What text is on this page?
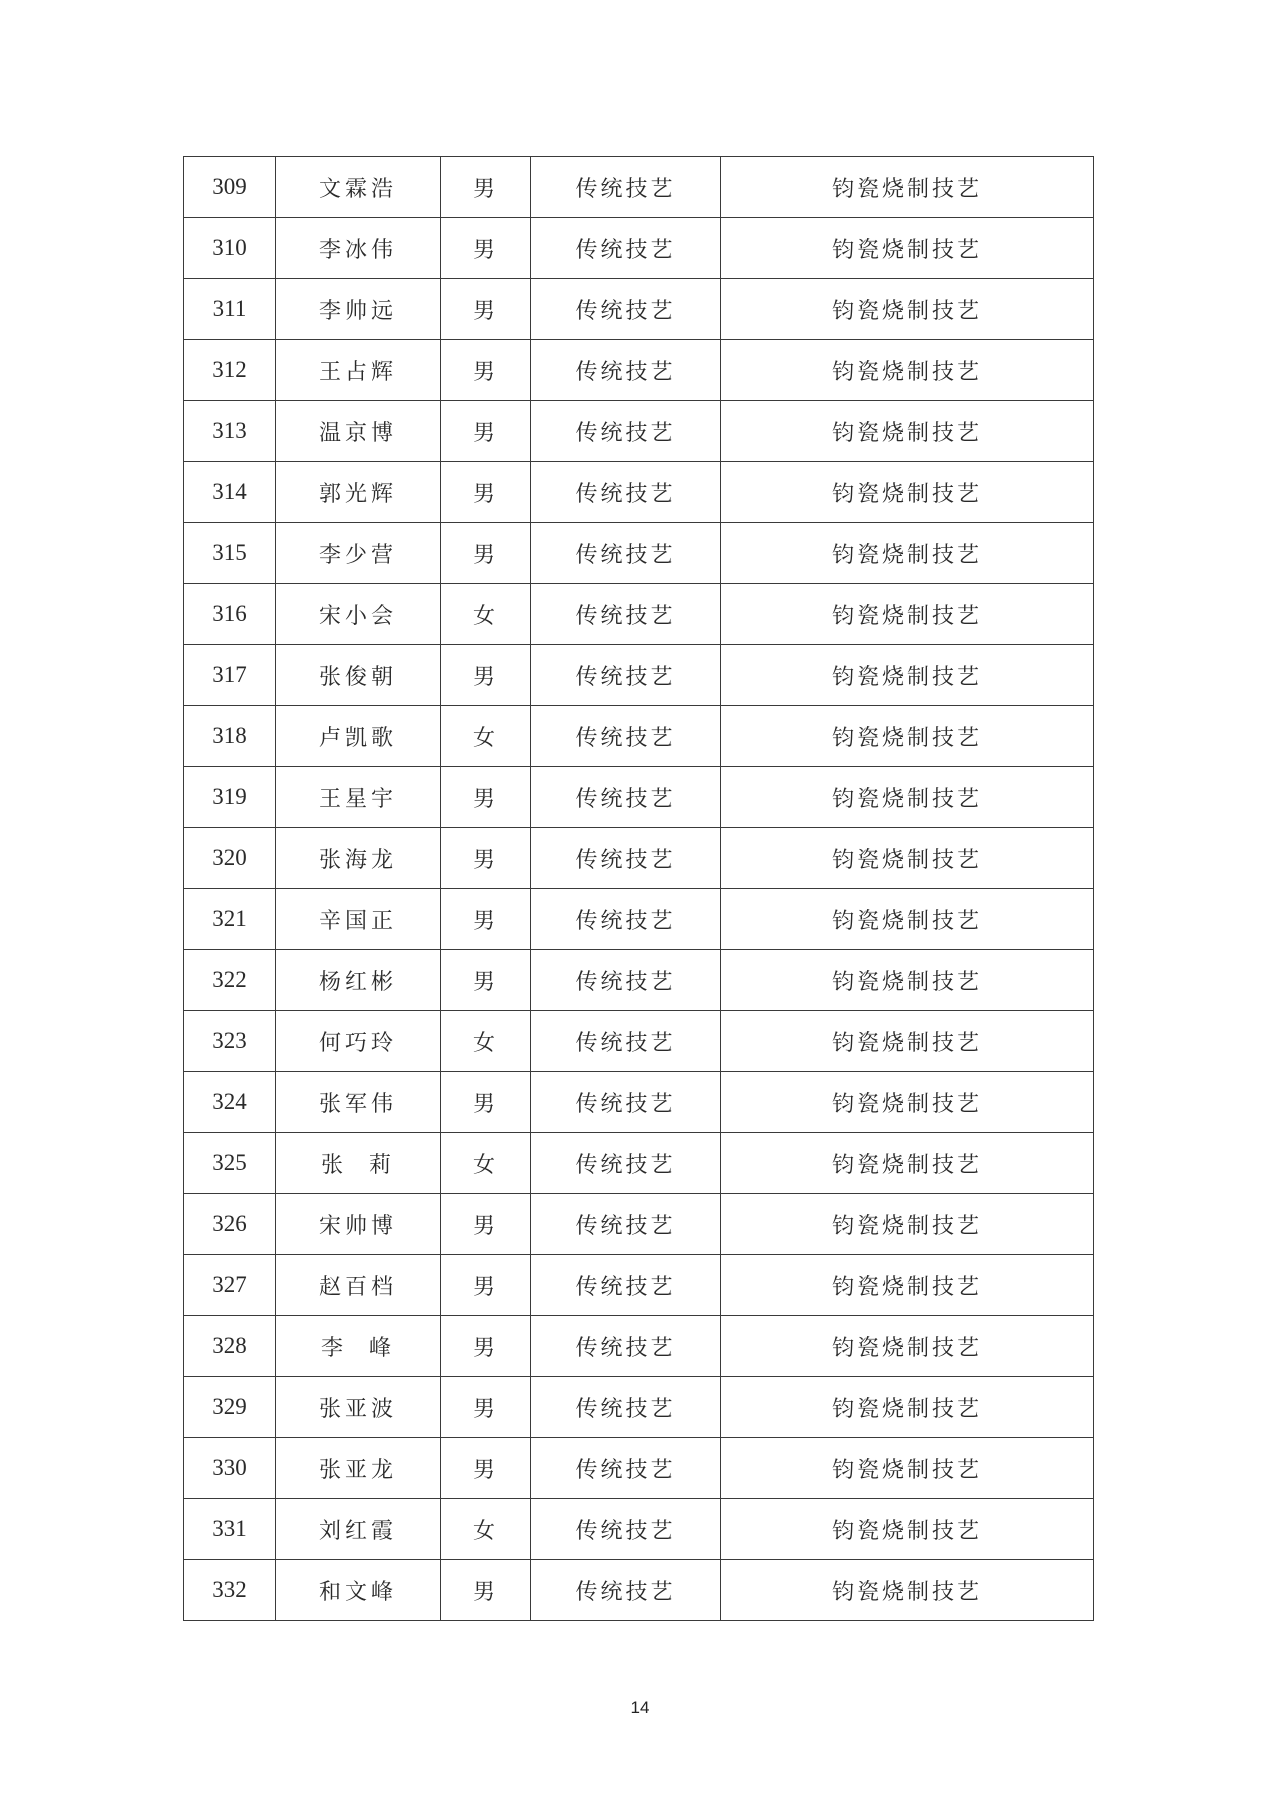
309	文霖浩	男	传统技艺	钧瓷烧制技艺
310	李冰伟	男	传统技艺	钧瓷烧制技艺
311	李帅远	男	传统技艺	钧瓷烧制技艺
312	王占辉	男	传统技艺	钧瓷烧制技艺
313	温京博	男	传统技艺	钧瓷烧制技艺
314	郭光辉	男	传统技艺	钧瓷烧制技艺
315	李少营	男	传统技艺	钧瓷烧制技艺
316	宋小会	女	传统技艺	钧瓷烧制技艺
317	张俊朝	男	传统技艺	钧瓷烧制技艺
318	卢凯歌	女	传统技艺	钧瓷烧制技艺
319	王星宇	男	传统技艺	钧瓷烧制技艺
320	张海龙	男	传统技艺	钧瓷烧制技艺
321	辛国正	男	传统技艺	钧瓷烧制技艺
322	杨红彬	男	传统技艺	钧瓷烧制技艺
323	何巧玲	女	传统技艺	钧瓷烧制技艺
324	张军伟	男	传统技艺	钧瓷烧制技艺
325	张  莉	女	传统技艺	钧瓷烧制技艺
326	宋帅博	男	传统技艺	钧瓷烧制技艺
327	赵百档	男	传统技艺	钧瓷烧制技艺
328	李  峰	男	传统技艺	钧瓷烧制技艺
329	张亚波	男	传统技艺	钧瓷烧制技艺
330	张亚龙	男	传统技艺	钧瓷烧制技艺
331	刘红霞	女	传统技艺	钧瓷烧制技艺
332	和文峰	男	传统技艺	钧瓷烧制技艺
14
